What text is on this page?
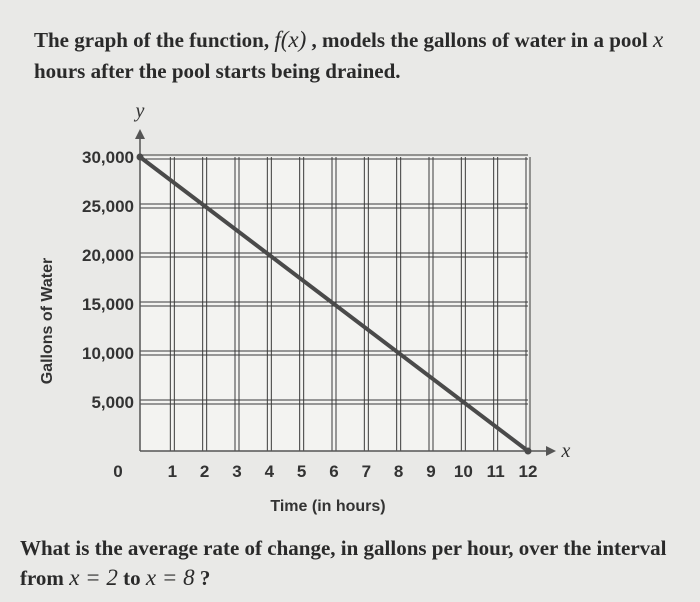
The graph of the function, f(x) , models the gallons of water in a pool x hours after the pool starts being drained.
5,000
10,000
15,000
20,000
25,000
30,000
1 2 3 4 5 6 7 8 9 10 11 12
0
y
x
Time (in hours)
Gallons of Water
What is the average rate of change, in gallons per hour, over the interval from x = 2 to x = 8 ?
